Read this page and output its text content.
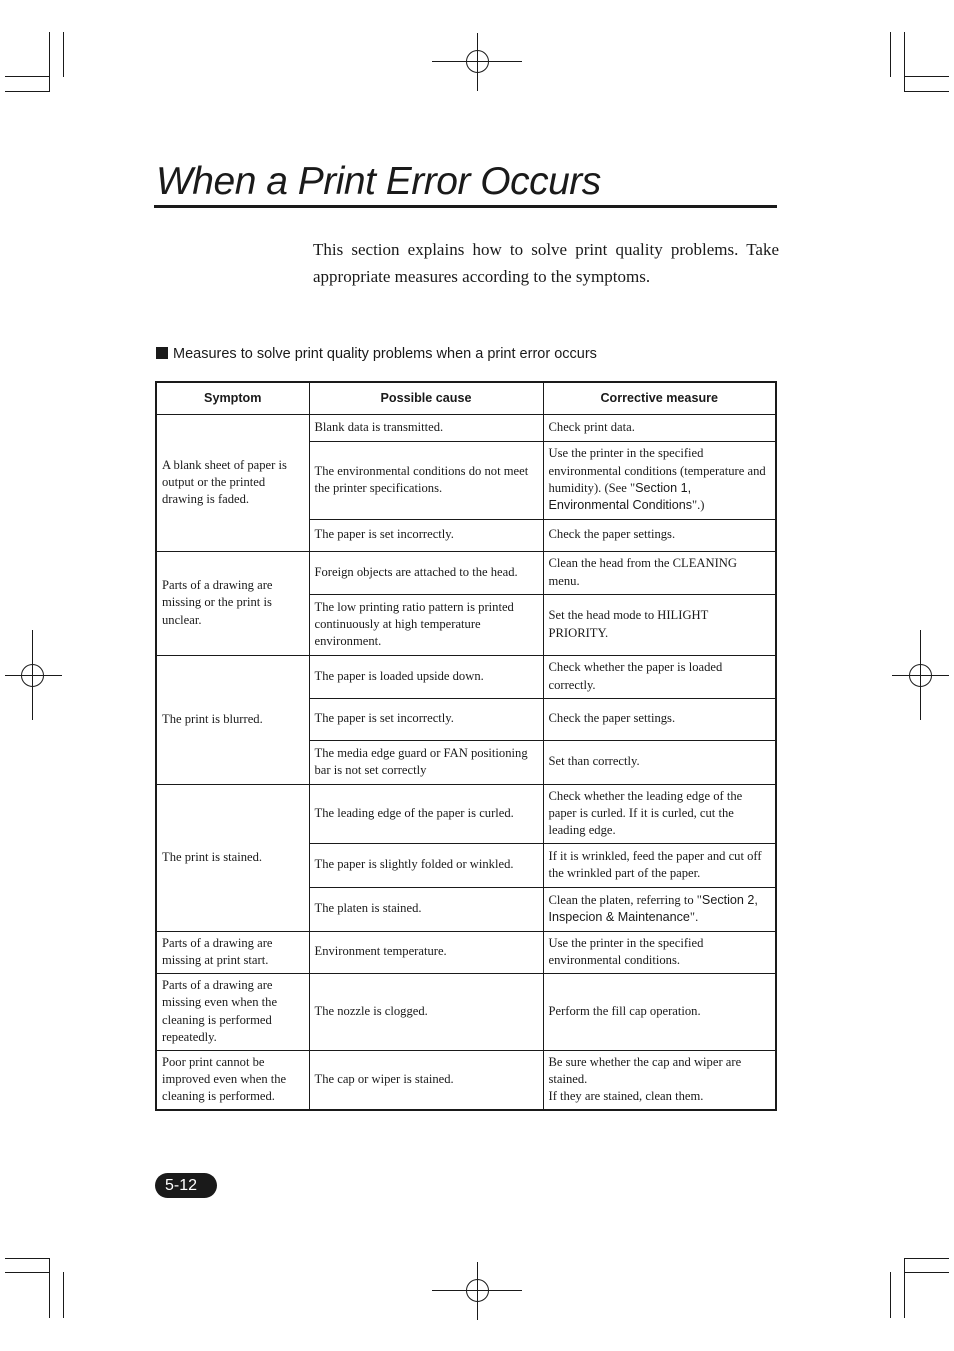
When a Print Error Occurs

This section explains how to solve print quality problems. Take appropriate measures according to the symptoms.

Measures to solve print quality problems when a print error occurs
Symptom	Possible cause	Corrective measure
A blank sheet of paper is output or the printed drawing is faded.	Blank data is transmitted.	Check print data.
	The environmental conditions do not meet the printer specifications.	Use the printer in the specified environmental conditions (temperature and humidity). (See "Section 1, Environmental Conditions".)
	The paper is set incorrectly.	Check the paper settings.
Parts of a drawing are missing or the print is unclear.	Foreign objects are attached to the head.	Clean the head from the CLEANING menu.
	The low printing ratio pattern is printed continuously at high temperature environment.	Set the head mode to HILIGHT PRIORITY.
The print is blurred.	The paper is loaded upside down.	Check whether the paper is loaded correctly.
	The paper is set incorrectly.	Check the paper settings.
	The media edge guard or FAN positioning bar is not set correctly	Set than correctly.
The print is stained.	The leading edge of the paper is curled.	Check whether the leading edge of the paper is curled. If it is curled, cut the leading edge.
	The paper is slightly folded or winkled.	If it is wrinkled, feed the paper and cut off the wrinkled part of the paper.
	The platen is stained.	Clean the platen, referring to "Section 2, Inspecion & Maintenance".
Parts of a drawing are missing at print start.	Environment temperature.	Use the printer in the specified environmental conditions.
Parts of a drawing are missing even when the cleaning is performed repeatedly.	The nozzle is clogged.	Perform the fill cap operation.
Poor print cannot be improved even when the cleaning is performed.	The cap or wiper is stained.	Be sure whether the cap and wiper are stained.
If they are stained, clean them.
5-12
